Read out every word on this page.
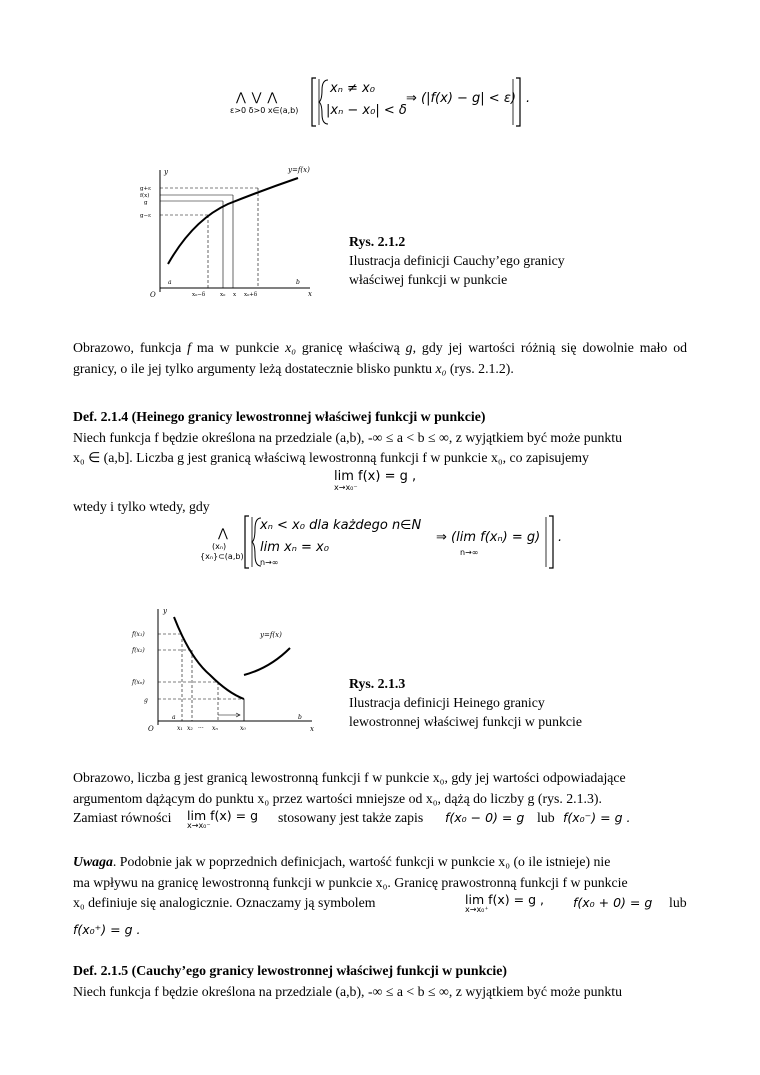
⋀ ⋁ ⋀
ε>0 δ>0 x∈(a,b)
xₙ ≠ x₀
|xₙ − x₀| < δ
⇒ (|f(x) − g| < ε) .
y=f(x)
y
x
O
g+ε
f(x)
g
g−ε
x₀−δ	x₀ x x₀+δ
a	b
Rys. 2.1.2
Ilustracja definicji Cauchy’ego granicy
właściwej funkcji w punkcie
Obrazowo, funkcja f ma w punkcie x₀ granicę właściwą g, gdy jej wartości różnią się dowolnie mało od granicy, o ile jej tylko argumenty leżą dostatecznie blisko punktu x₀ (rys. 2.1.2).
Def. 2.1.4 (Heinego granicy lewostronnej właściwej funkcji w punkcie)
Niech funkcja f będzie określona na przedziale (a,b), -∞ ≤ a < b ≤ ∞, z wyjątkiem być może punktu
x₀ ∈ (a,b]. Liczba g jest granicą właściwą lewostronną funkcji f w punkcie x₀, co zapisujemy
lim f(x) = g ,
x→x₀⁻
wtedy i tylko wtedy, gdy
⋀
(xₙ)
{xₙ}⊂(a,b)
xₙ < x₀ dla każdego n∈N
lim xₙ = x₀
n→∞
⇒ (lim f(xₙ) = g)
n→∞
.
y=f(x)
y
x
O
f(x₁)
f(x₂)
f(xₙ)
g
x₁ x₂	xₙ	x₀
···
a	b
Rys. 2.1.3
Ilustracja definicji Heinego granicy
lewostronnej właściwej funkcji w punkcie
Obrazowo, liczba g jest granicą lewostronną funkcji f w punkcie x₀, gdy jej wartości odpowiadające
argumentom dążącym do punktu x₀ przez wartości mniejsze od x₀, dążą do liczby g (rys. 2.1.3).
Zamiast równości lim f(x) = g
x→x₀⁻
stosowany jest także zapis f(x₀ − 0) = g lub f(x₀⁻) = g .
Uwaga. Podobnie jak w poprzednich definicjach, wartość funkcji w punkcie x₀ (o ile istnieje) nie
ma wpływu na granicę lewostronną funkcji w punkcie x₀. Granicę prawostronną funkcji f w punkcie
x₀ definiuje się analogicznie. Oznaczamy ją symbolem	lim f(x) = g ,
x→x₀⁺	f(x₀ + 0) = g lub
f(x₀⁺) = g .
Def. 2.1.5 (Cauchy’ego granicy lewostronnej właściwej funkcji w punkcie)
Niech funkcja f będzie określona na przedziale (a,b), -∞ ≤ a < b ≤ ∞, z wyjątkiem być może punktu
